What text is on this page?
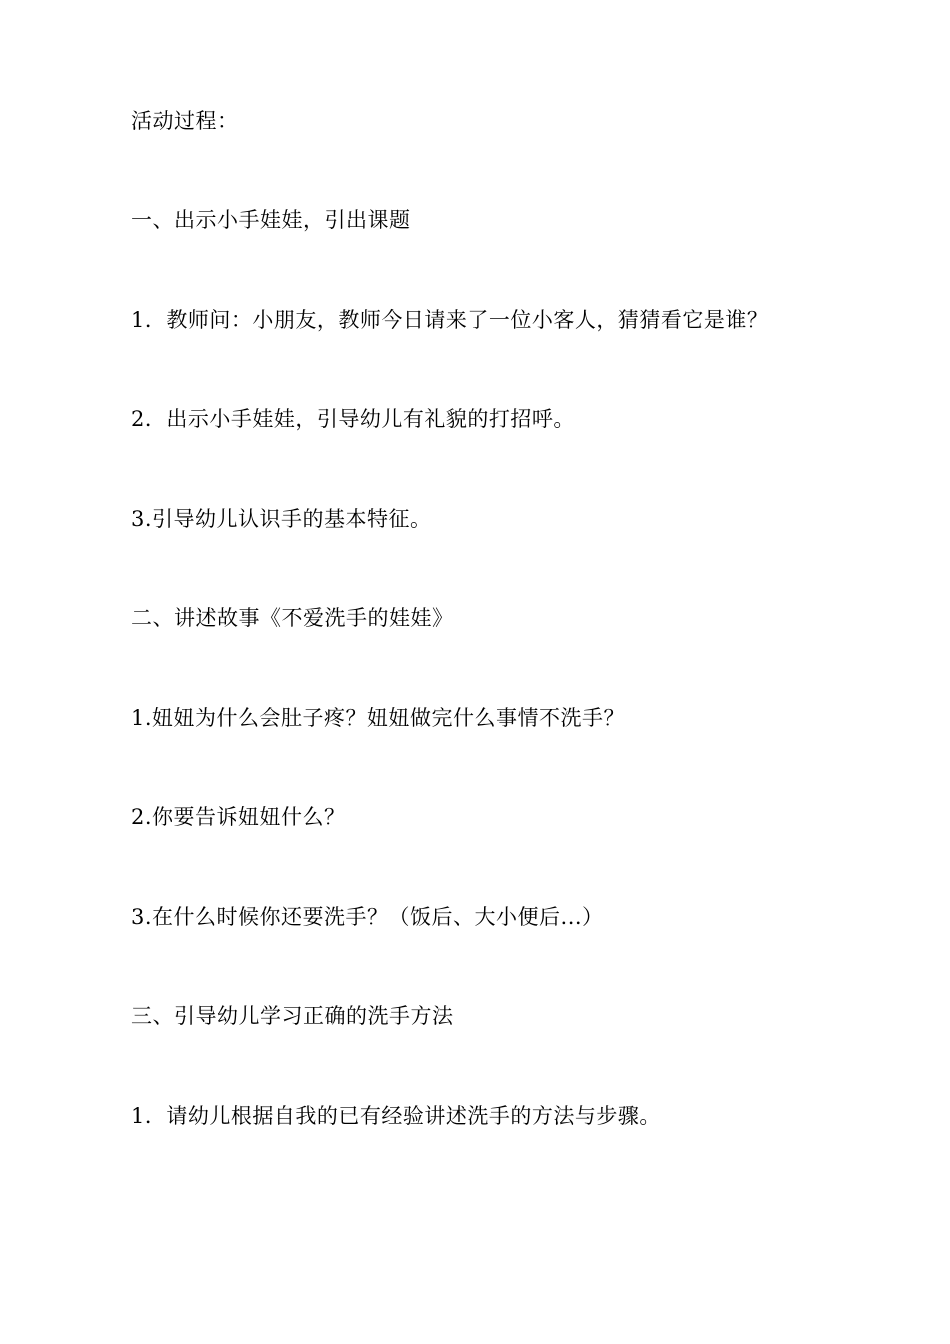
活动过程：
一、出示小手娃娃，引出课题
1．教师问：小朋友，教师今日请来了一位小客人，猜猜看它是谁？
2．出示小手娃娃，引导幼儿有礼貌的打招呼。
3.引导幼儿认识手的基本特征。
二、讲述故事《不爱洗手的娃娃》
1.妞妞为什么会肚子疼？妞妞做完什么事情不洗手？
2.你要告诉妞妞什么？
3.在什么时候你还要洗手？（饭后、大小便后...）
三、引导幼儿学习正确的洗手方法
1．请幼儿根据自我的已有经验讲述洗手的方法与步骤。
